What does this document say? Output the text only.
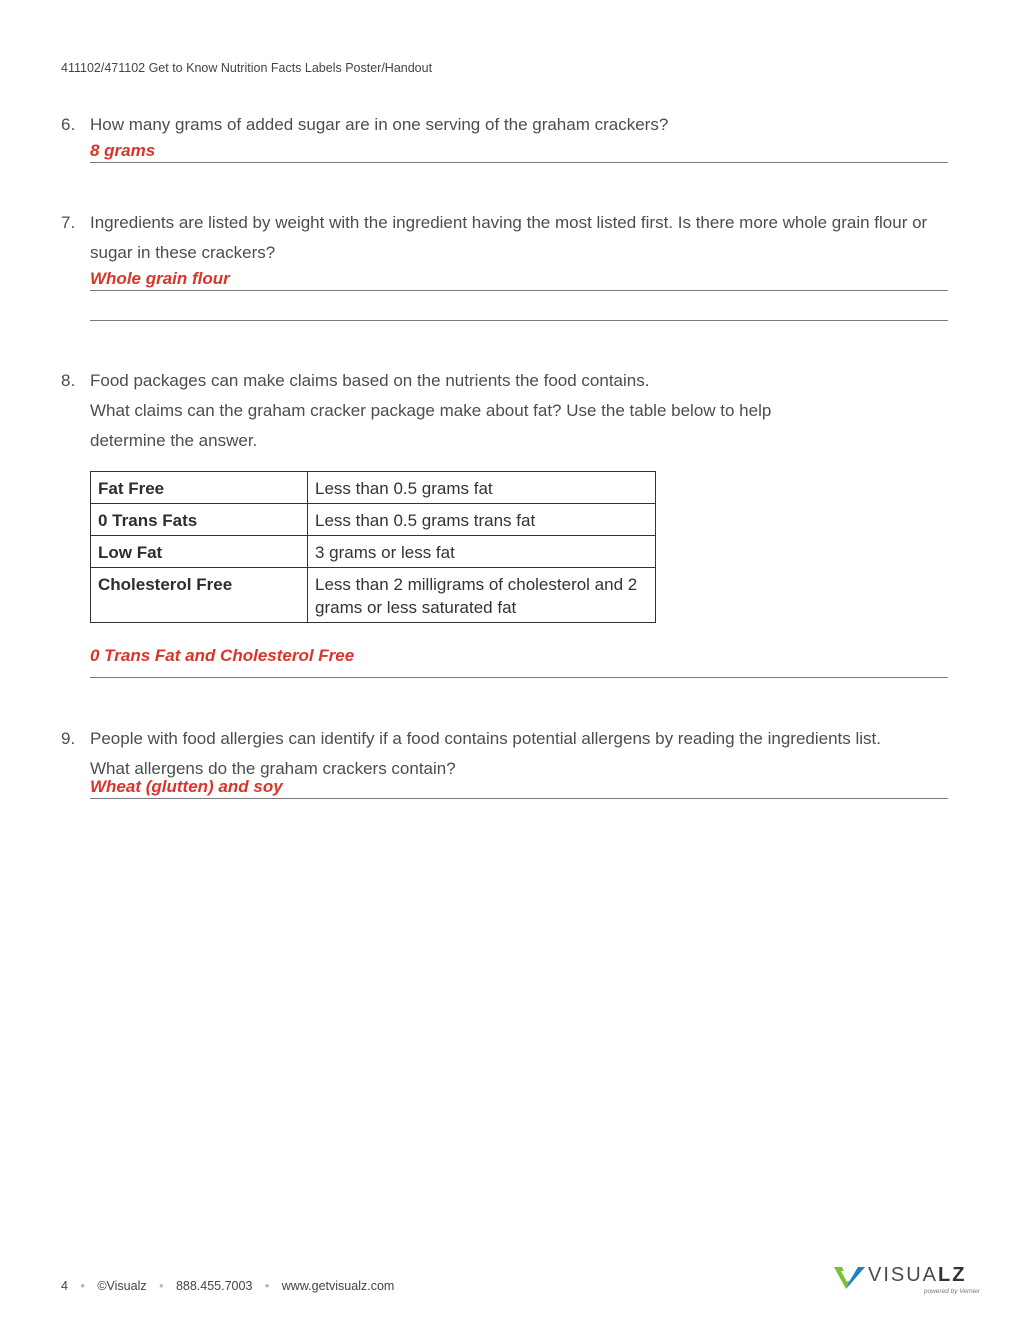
411102/471102 Get to Know Nutrition Facts Labels Poster/Handout
6. How many grams of added sugar are in one serving of the graham crackers?
8 grams
7. Ingredients are listed by weight with the ingredient having the most listed first. Is there more whole grain flour or sugar in these crackers?
Whole grain flour
8. Food packages can make claims based on the nutrients the food contains.
What claims can the graham cracker package make about fat? Use the table below to help determine the answer.
Fat Free	Less than 0.5 grams fat
0 Trans Fats	Less than 0.5 grams trans fat
Low Fat	3 grams or less fat
Cholesterol Free	Less than 2 milligrams of cholesterol and 2 grams or less saturated fat
0 Trans Fat and Cholesterol Free
9. People with food allergies can identify if a food contains potential allergens by reading the ingredients list.
What allergens do the graham crackers contain?
Wheat (glutten) and soy
4 • ©Visualz • 888.455.7003 • www.getvisualz.com	VISUALZ
powered by Vernier
